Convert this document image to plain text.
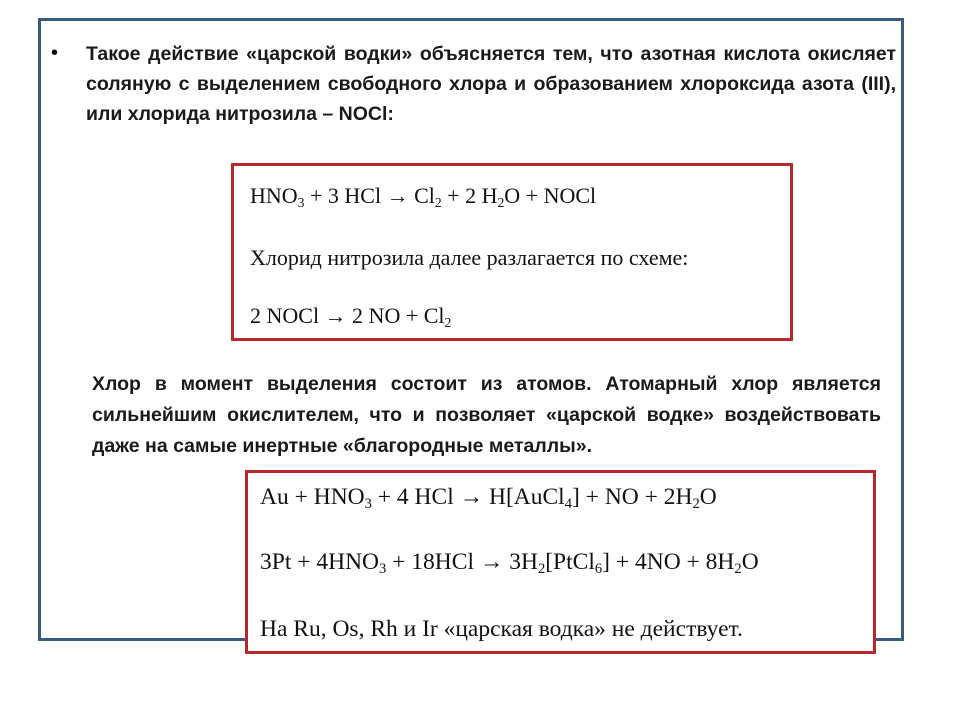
• Такое действие «царской водки» объясняется тем, что азотная кислота окисляет соляную с выделением свободного хлора и образованием хлороксида азота (III), или хлорида нитрозила – NOCl:

$HNO_3 + 3$ HCl → $Cl_2 + 2$ $H_2O$ + NOCl
Хлорид нитрозила далее разлагается по схеме:
2 NOCl → 2 NO + $Cl_2$

Хлор в момент выделения состоит из атомов. Атомарный хлор является сильнейшим окислителем, что и позволяет «царской водке» воздействовать даже на самые инертные «благородные металлы».

$Au + HNO_3 + 4$ HCl → H[AuCl$_4$] + NO + $2H_2O$
$3Pt + 4HNO_3 + 18HCl$ → $3H_2[PtCl_6] + 4NO + 8H_2O$
На Ru, Os, Rh и Ir «царская водка» не действует.
